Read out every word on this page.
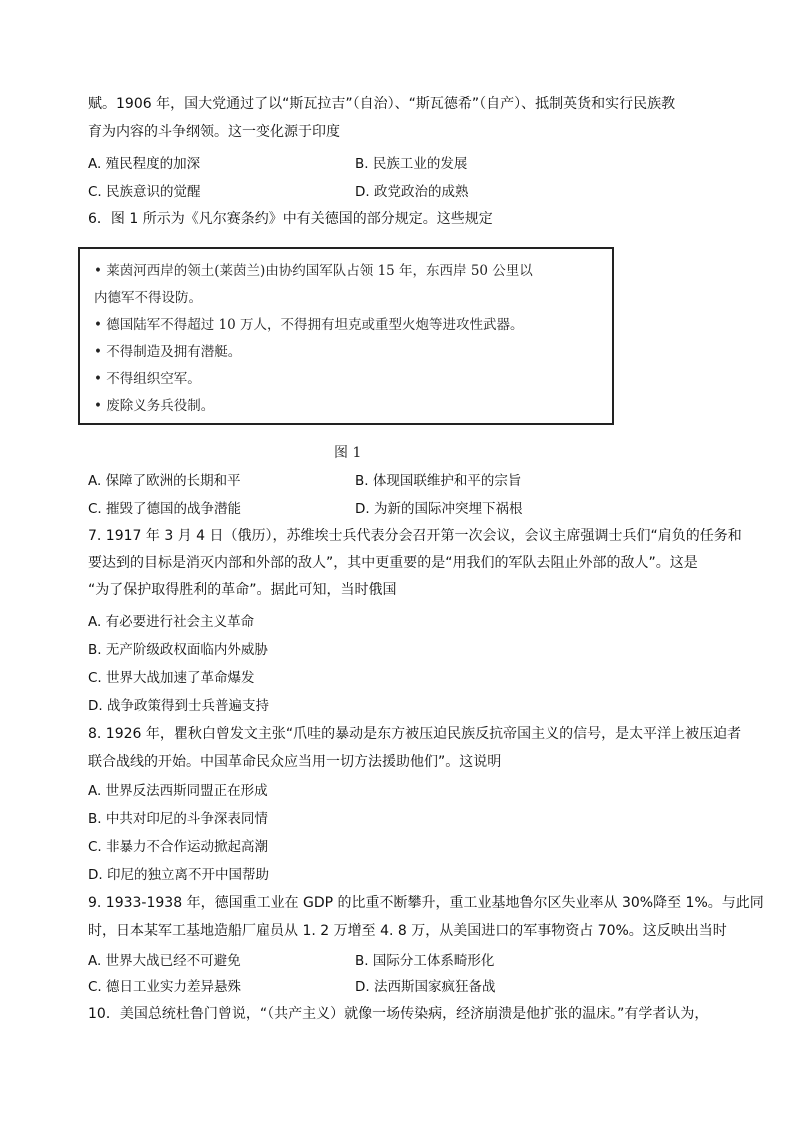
赋。1906 年，国大党通过了以“斯瓦拉吉”（自治）、“斯瓦德希”（自产）、抵制英货和实行民族教
育为内容的斗争纲领。这一变化源于印度
A. 殖民程度的加深	B. 民族工业的发展
C. 民族意识的觉醒	D. 政党政治的成熟
6．图 1 所示为《凡尔赛条约》中有关德国的部分规定。这些规定
• 莱茵河西岸的领土(莱茵兰)由协约国军队占领 15 年，东西岸 50 公里以
内德军不得设防。
• 德国陆军不得超过 10 万人，不得拥有坦克或重型火炮等进攻性武器。
• 不得制造及拥有潜艇。
• 不得组织空军。
• 废除义务兵役制。
图 1
A. 保障了欧洲的长期和平	B. 体现国联维护和平的宗旨
C. 摧毁了德国的战争潜能	D. 为新的国际冲突埋下祸根
7. 1917 年 3 月 4 日（俄历），苏维埃士兵代表分会召开第一次会议，会议主席强调士兵们“肩负的任务和
要达到的目标是消灭内部和外部的敌人”，其中更重要的是“用我们的军队去阻止外部的敌人”。这是
“为了保护取得胜利的革命”。据此可知，当时俄国
A. 有必要进行社会主义革命
B. 无产阶级政权面临内外威胁
C. 世界大战加速了革命爆发
D. 战争政策得到士兵普遍支持
8. 1926 年，瞿秋白曾发文主张“爪哇的暴动是东方被压迫民族反抗帝国主义的信号，是太平洋上被压迫者
联合战线的开始。中国革命民众应当用一切方法援助他们”。这说明
A. 世界反法西斯同盟正在形成
B. 中共对印尼的斗争深表同情
C. 非暴力不合作运动掀起高潮
D. 印尼的独立离不开中国帮助
9. 1933-1938 年，德国重工业在 GDP 的比重不断攀升，重工业基地鲁尔区失业率从 30%降至 1%。与此同
时，日本某军工基地造船厂雇员从 1. 2 万增至 4. 8 万，从美国进口的军事物资占 70%。这反映出当时
A. 世界大战已经不可避免	B. 国际分工体系畸形化
C. 德日工业实力差异悬殊	D. 法西斯国家疯狂备战
10．美国总统杜鲁门曾说，“（共产主义）就像一场传染病，经济崩溃是他扩张的温床。”有学者认为，
